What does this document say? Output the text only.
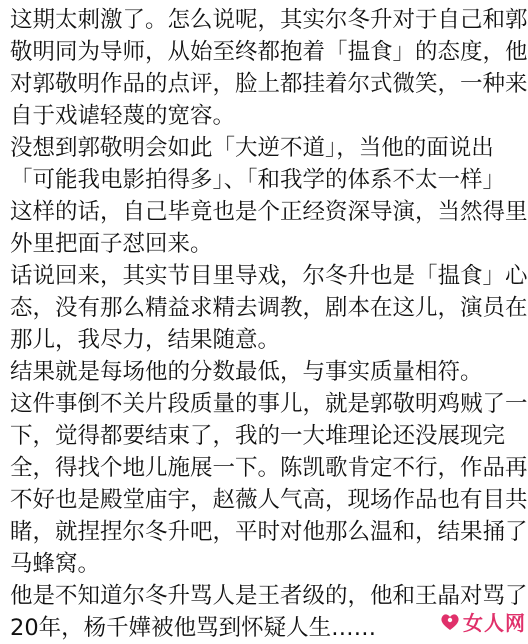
这期太刺激了。怎么说呢，其实尔冬升对于自己和郭
敬明同为导师，从始至终都抱着「揾食」的态度，他
对郭敬明作品的点评，脸上都挂着尔式微笑，一种来
自于戏谑轻蔑的宽容。

没想到郭敬明会如此「大逆不道」，当他的面说出
「可能我电影拍得多」、「和我学的体系不太一样」
这样的话，自己毕竟也是个正经资深导演，当然得里
外里把面子怼回来。

话说回来，其实节目里导戏，尔冬升也是「揾食」心
态，没有那么精益求精去调教，剧本在这儿，演员在
那儿，我尽力，结果随意。

结果就是每场他的分数最低，与事实质量相符。

这件事倒不关片段质量的事儿，就是郭敬明鸡贼了一
下，觉得都要结束了，我的一大堆理论还没展现完
全，得找个地儿施展一下。陈凯歌肯定不行，作品再
不好也是殿堂庙宇，赵薇人气高，现场作品也有目共
睹，就捏捏尔冬升吧，平时对他那么温和，结果捅了
马蜂窝。

他是不知道尔冬升骂人是王者级的，他和王晶对骂了
20年，杨千嬅被他骂到怀疑人生……	女人网
